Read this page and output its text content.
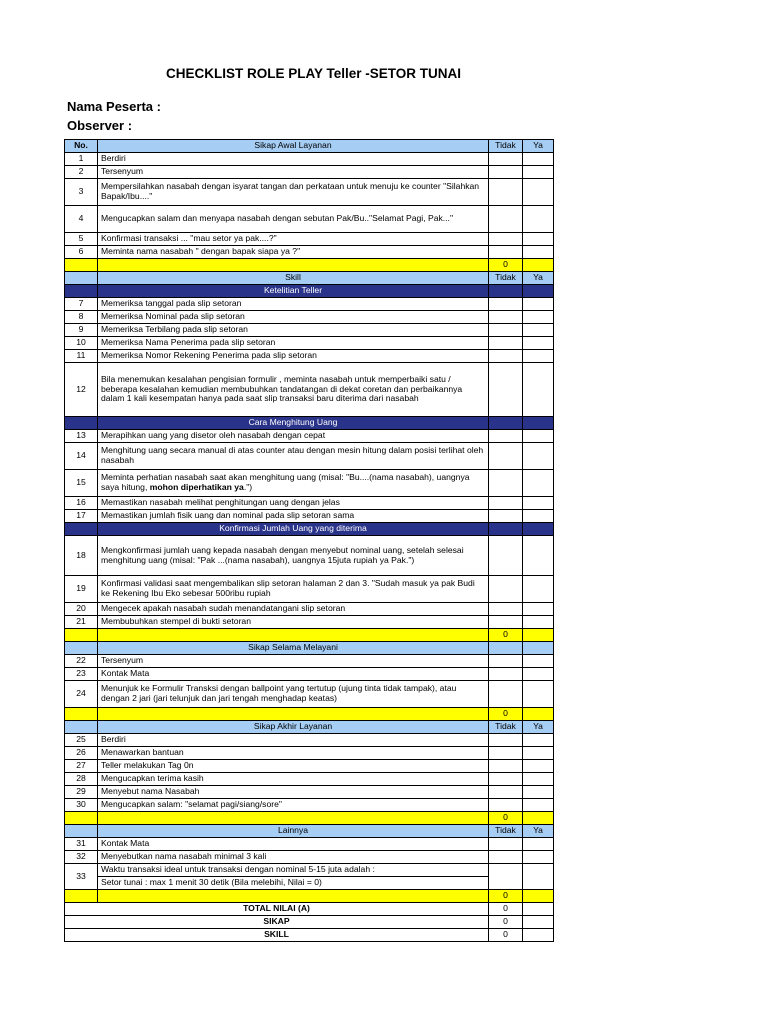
CHECKLIST ROLE PLAY Teller -SETOR TUNAI
Nama Peserta :
Observer :
No.	Sikap Awal Layanan	Tidak	Ya
1	Berdiri		
2	Tersenyum		
3	Mempersilahkan nasabah dengan isyarat tangan dan perkataan untuk menuju ke counter "Silahkan Bapak/Ibu...."		
4	Mengucapkan salam dan menyapa nasabah dengan sebutan Pak/Bu.."Selamat Pagi, Pak..."		
5	Konfirmasi transaksi ... "mau setor ya pak....?"		
6	Meminta nama nasabah " dengan bapak siapa ya ?"		
		0	
	Skill	Tidak	Ya
	Ketelitian Teller		
7	Memeriksa tanggal pada slip setoran		
8	Memeriksa Nominal pada slip setoran		
9	Memeriksa Terbilang pada slip setoran		
10	Memeriksa Nama Penerima pada slip setoran		
11	Memeriksa Nomor Rekening Penerima pada slip setoran		
12	Bila menemukan kesalahan pengisian formulir , meminta nasabah untuk memperbaiki satu / beberapa kesalahan kemudian membubuhkan tandatangan di dekat coretan dan perbaikannya dalam 1 kali kesempatan hanya pada saat slip transaksi baru diterima dari nasabah		
	Cara Menghitung Uang		
13	Merapihkan uang yang disetor oleh nasabah dengan cepat		
14	Menghitung uang secara manual di atas counter atau dengan mesin hitung dalam posisi terlihat oleh nasabah		
15	Meminta perhatian nasabah saat akan menghitung uang (misal: "Bu....(nama nasabah), uangnya saya hitung, mohon diperhatikan ya.")		
16	Memastikan nasabah melihat penghitungan uang dengan jelas		
17	Memastikan jumlah fisik uang dan nominal pada slip setoran sama		
	Konfirmasi Jumlah Uang yang diterima		
18	Mengkonfirmasi jumlah uang kepada nasabah dengan menyebut nominal uang, setelah selesai menghitung uang (misal: "Pak ...(nama nasabah), uangnya 15juta rupiah ya Pak.")		
19	Konfirmasi validasi saat mengembalikan slip setoran halaman 2 dan 3. "Sudah masuk ya pak Budi ke Rekening Ibu Eko sebesar 500ribu rupiah		
20	Mengecek apakah nasabah sudah menandatangani slip setoran		
21	Membubuhkan stempel di bukti setoran		
		0	
	Sikap Selama Melayani		
22	Tersenyum		
23	Kontak Mata		
24	Menunjuk ke Formulir Transksi dengan ballpoint yang tertutup (ujung tinta tidak tampak), atau dengan 2 jari (jari telunjuk dan jari tengah menghadap keatas)		
		0	
	Sikap Akhir Layanan	Tidak	Ya
25	Berdiri		
26	Menawarkan bantuan		
27	Teller melakukan Tag 0n		
28	Mengucapkan terima kasih		
29	Menyebut nama Nasabah		
30	Mengucapkan salam: "selamat pagi/siang/sore"		
		0	
	Lainnya	Tidak	Ya
31	Kontak Mata		
32	Menyebutkan nama nasabah minimal 3 kali		
33	Waktu transaksi ideal untuk transaksi dengan nominal 5-15 juta adalah :		
	Setor tunai : max 1 menit 30 detik (Bila melebihi, Nilai = 0)		
		0	
TOTAL NILAI (A)		0	
SIKAP		0	
SKILL		0	
